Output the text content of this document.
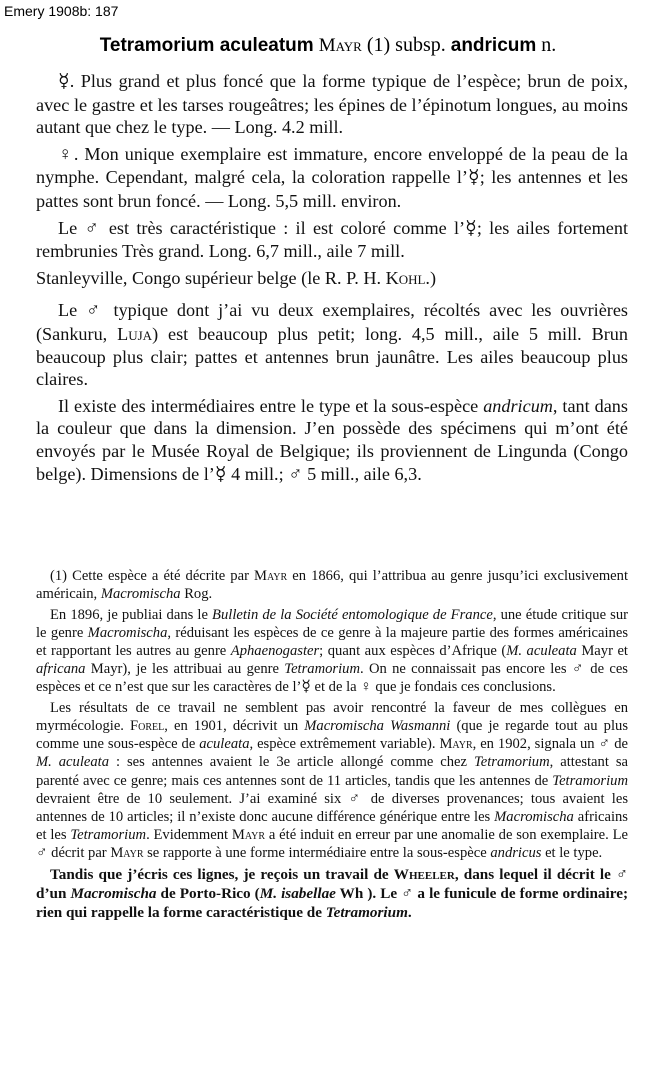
Emery 1908b: 187
Tetramorium aculeatum Mayr (1) subsp. andricum n.

☿. Plus grand et plus foncé que la forme typique de l’espèce; brun de poix, avec le gastre et les tarses rougeâtres; les épines de l’épinotum longues, au moins autant que chez le type. — Long. 4.2 mill.

♀. Mon unique exemplaire est immature, encore enveloppé de la peau de la nymphe. Cependant, malgré cela, la coloration rappelle l’☿; les antennes et les pattes sont brun foncé. — Long. 5,5 mill. environ.

Le ♂ est très caractéristique : il est coloré comme l’☿; les ailes fortement rembrunies Très grand. Long. 6,7 mill., aile 7 mill.

Stanleyville, Congo supérieur belge (le R. P. H. Kohl.)

Le ♂ typique dont j’ai vu deux exemplaires, récoltés avec les ouvrières (Sankuru, Luja) est beaucoup plus petit; long. 4,5 mill., aile 5 mill. Brun beaucoup plus clair; pattes et antennes brun jaunâtre. Les ailes beaucoup plus claires.

Il existe des intermédiaires entre le type et la sous-espèce andricum, tant dans la couleur que dans la dimension. J’en possède des spécimens qui m’ont été envoyés par le Musée Royal de Belgique; ils proviennent de Lingunda (Congo belge). Dimensions de l’☿ 4 mill.; ♂ 5 mill., aile 6,3.

(1) Cette espèce a été décrite par Mayr en 1866, qui l’attribua au genre jusqu’ici exclusivement américain, Macromischa Rog.

En 1896, je publiai dans le Bulletin de la Société entomologique de France, une étude critique sur le genre Macromischa, réduisant les espèces de ce genre à la majeure partie des formes américaines et rapportant les autres au genre Aphaenogaster; quant aux espèces d’Afrique (M. aculeata Mayr et africana Mayr), je les attribuai au genre Tetramorium. On ne connaissait pas encore les ♂ de ces espèces et ce n’est que sur les caractères de l’☿ et de la ♀ que je fondais ces conclusions.

Les résultats de ce travail ne semblent pas avoir rencontré la faveur de mes collègues en myrmécologie. Forel, en 1901, décrivit un Macromischa Wasmanni (que je regarde tout au plus comme une sous-espèce de aculeata, espèce extrêmement variable). Mayr, en 1902, signala un ♂ de M. aculeata : ses antennes avaient le 3e article allongé comme chez Tetramorium, attestant sa parenté avec ce genre; mais ces antennes sont de 11 articles, tandis que les antennes de Tetramorium devraient être de 10 seulement. J’ai examiné six ♂ de diverses provenances; tous avaient les antennes de 10 articles; il n’existe donc aucune différence générique entre les Macromischa africains et les Tetramorium. Evidemment Mayr a été induit en erreur par une anomalie de son exemplaire. Le ♂ décrit par Mayr se rapporte à une forme intermédiaire entre la sous-espèce andricus et le type.

Tandis que j’écris ces lignes, je reçois un travail de Wheeler, dans lequel il décrit le ♂ d’un Macromischa de Porto-Rico (M. isabellae Wh ). Le ♂ a le funicule de forme ordinaire; rien qui rappelle la forme caractéristique de Tetramorium.
